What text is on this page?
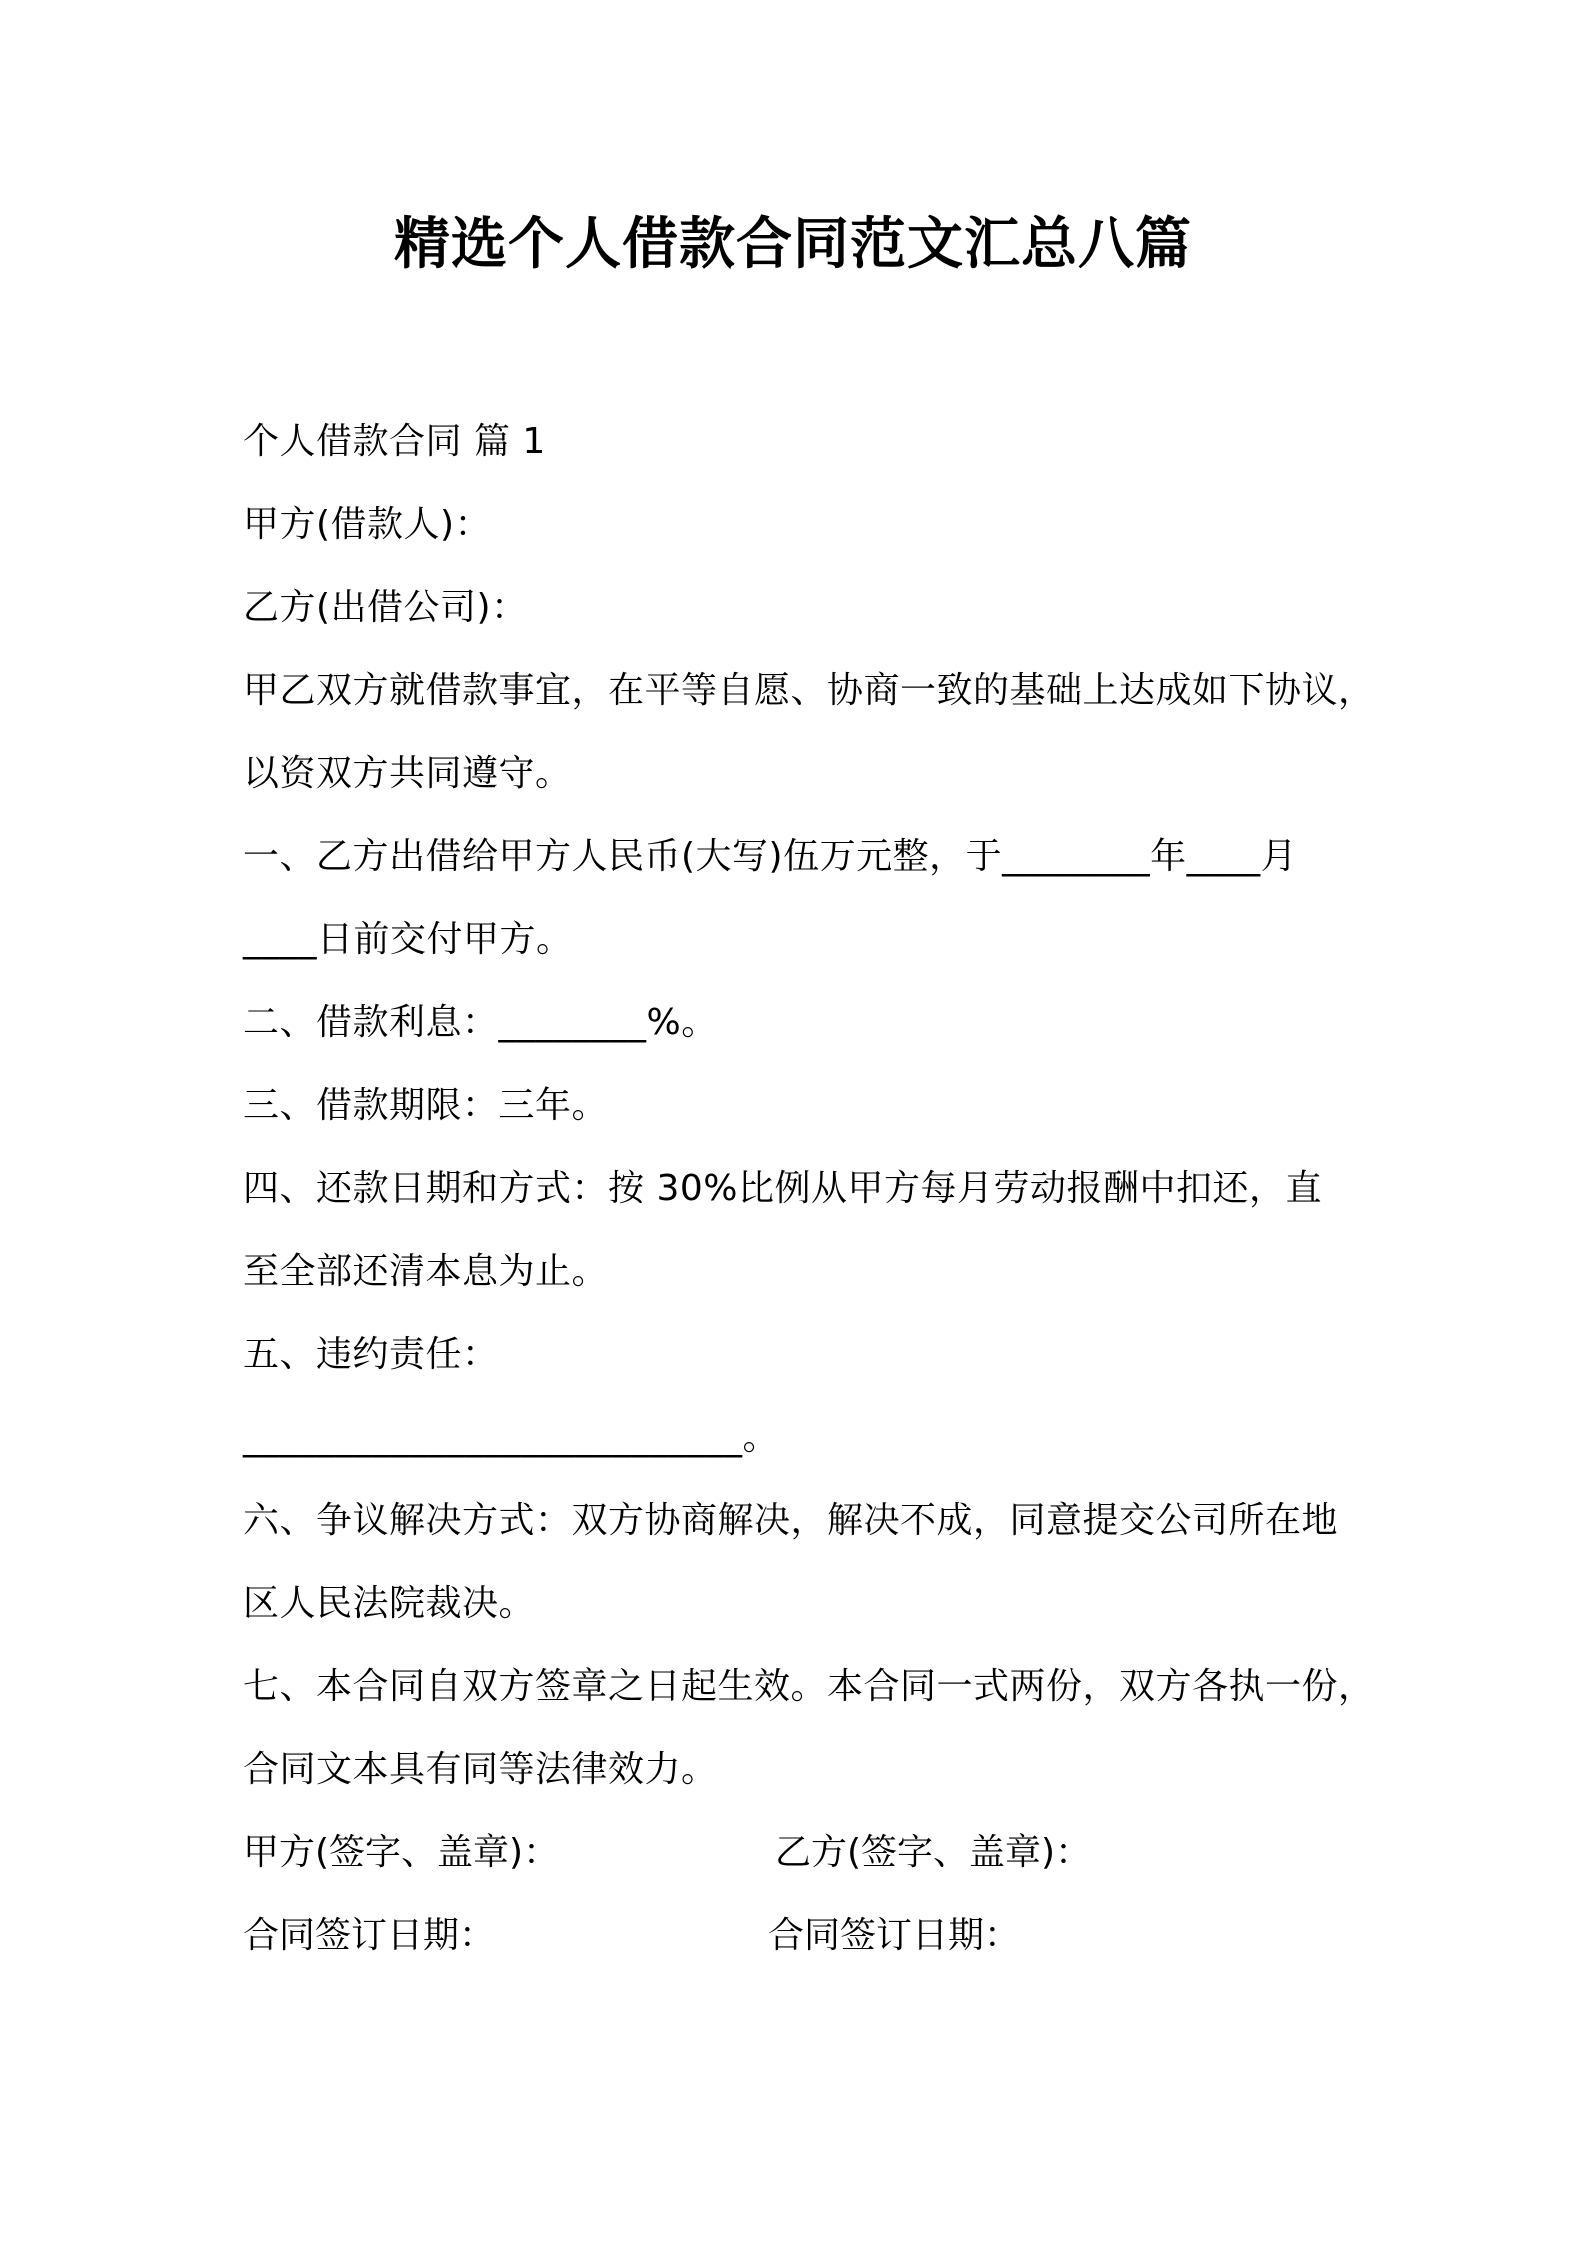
精选个人借款合同范文汇总八篇
个人借款合同 篇 1
甲方(借款人)：
乙方(出借公司)：
甲乙双方就借款事宜，在平等自愿、协商一致的基础上达成如下协议，
以资双方共同遵守。
一、乙方出借给甲方人民币(大写)伍万元整，于________年____月
____日前交付甲方。
二、借款利息：________%。
三、借款期限：三年。
四、还款日期和方式：按 30%比例从甲方每月劳动报酬中扣还，直
至全部还清本息为止。
五、违约责任：
___________________________。
六、争议解决方式：双方协商解决，解决不成，同意提交公司所在地
区人民法院裁决。
七、本合同自双方签章之日起生效。本合同一式两份，双方各执一份，
合同文本具有同等法律效力。
甲方(签字、盖章)：	乙方(签字、盖章)：
合同签订日期：	合同签订日期：
